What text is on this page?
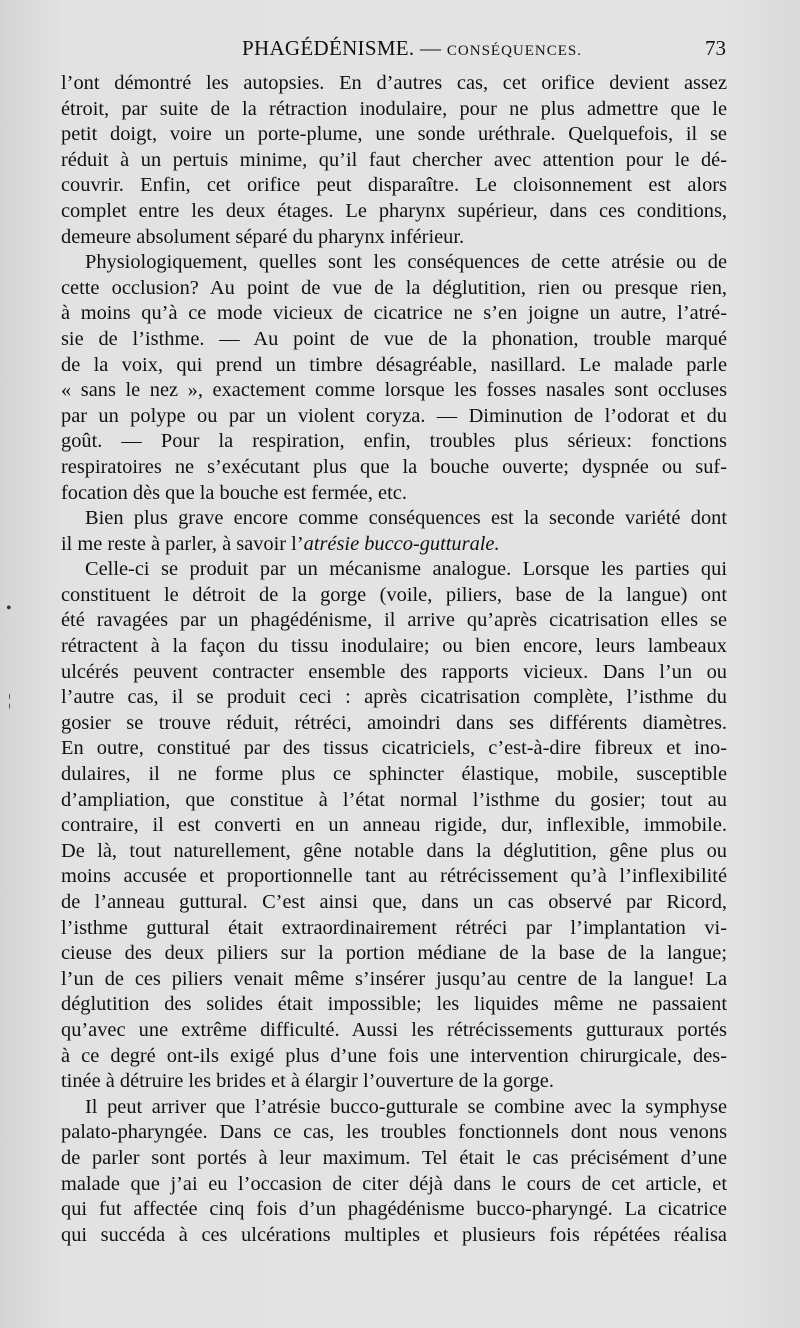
PHAGÉDÉNISME. — CONSÉQUENCES.	73
l’ont démontré les autopsies. En d’autres cas, cet orifice devient assez
étroit, par suite de la rétraction inodulaire, pour ne plus admettre que le
petit doigt, voire un porte-plume, une sonde uréthrale. Quelquefois, il se
réduit à un pertuis minime, qu’il faut chercher avec attention pour le dé-
couvrir. Enfin, cet orifice peut disparaître. Le cloisonnement est alors
complet entre les deux étages. Le pharynx supérieur, dans ces conditions,
demeure absolument séparé du pharynx inférieur.
Physiologiquement, quelles sont les conséquences de cette atrésie ou de
cette occlusion? Au point de vue de la déglutition, rien ou presque rien,
à moins qu’à ce mode vicieux de cicatrice ne s’en joigne un autre, l’atré-
sie de l’isthme. — Au point de vue de la phonation, trouble marqué
de la voix, qui prend un timbre désagréable, nasillard. Le malade parle
« sans le nez », exactement comme lorsque les fosses nasales sont occluses
par un polype ou par un violent coryza. — Diminution de l’odorat et du
goût. — Pour la respiration, enfin, troubles plus sérieux: fonctions
respiratoires ne s’exécutant plus que la bouche ouverte; dyspnée ou suf-
focation dès que la bouche est fermée, etc.
Bien plus grave encore comme conséquences est la seconde variété dont
il me reste à parler, à savoir l’atrésie bucco-gutturale.
Celle-ci se produit par un mécanisme analogue. Lorsque les parties qui
constituent le détroit de la gorge (voile, piliers, base de la langue) ont
été ravagées par un phagédénisme, il arrive qu’après cicatrisation elles se
rétractent à la façon du tissu inodulaire; ou bien encore, leurs lambeaux
ulcérés peuvent contracter ensemble des rapports vicieux. Dans l’un ou
l’autre cas, il se produit ceci : après cicatrisation complète, l’isthme du
gosier se trouve réduit, rétréci, amoindri dans ses différents diamètres.
En outre, constitué par des tissus cicatriciels, c’est-à-dire fibreux et ino-
dulaires, il ne forme plus ce sphincter élastique, mobile, susceptible
d’ampliation, que constitue à l’état normal l’isthme du gosier; tout au
contraire, il est converti en un anneau rigide, dur, inflexible, immobile.
De là, tout naturellement, gêne notable dans la déglutition, gêne plus ou
moins accusée et proportionnelle tant au rétrécissement qu’à l’inflexibilité
de l’anneau guttural. C’est ainsi que, dans un cas observé par Ricord,
l’isthme guttural était extraordinairement rétréci par l’implantation vi-
cieuse des deux piliers sur la portion médiane de la base de la langue;
l’un de ces piliers venait même s’insérer jusqu’au centre de la langue! La
déglutition des solides était impossible; les liquides même ne passaient
qu’avec une extrême difficulté. Aussi les rétrécissements gutturaux portés
à ce degré ont-ils exigé plus d’une fois une intervention chirurgicale, des-
tinée à détruire les brides et à élargir l’ouverture de la gorge.
Il peut arriver que l’atrésie bucco-gutturale se combine avec la symphyse
palato-pharyngée. Dans ce cas, les troubles fonctionnels dont nous venons
de parler sont portés à leur maximum. Tel était le cas précisément d’une
malade que j’ai eu l’occasion de citer déjà dans le cours de cet article, et
qui fut affectée cinq fois d’un phagédénisme bucco-pharyngé. La cicatrice
qui succéda à ces ulcérations multiples et plusieurs fois répétées réalisa
•
¦
